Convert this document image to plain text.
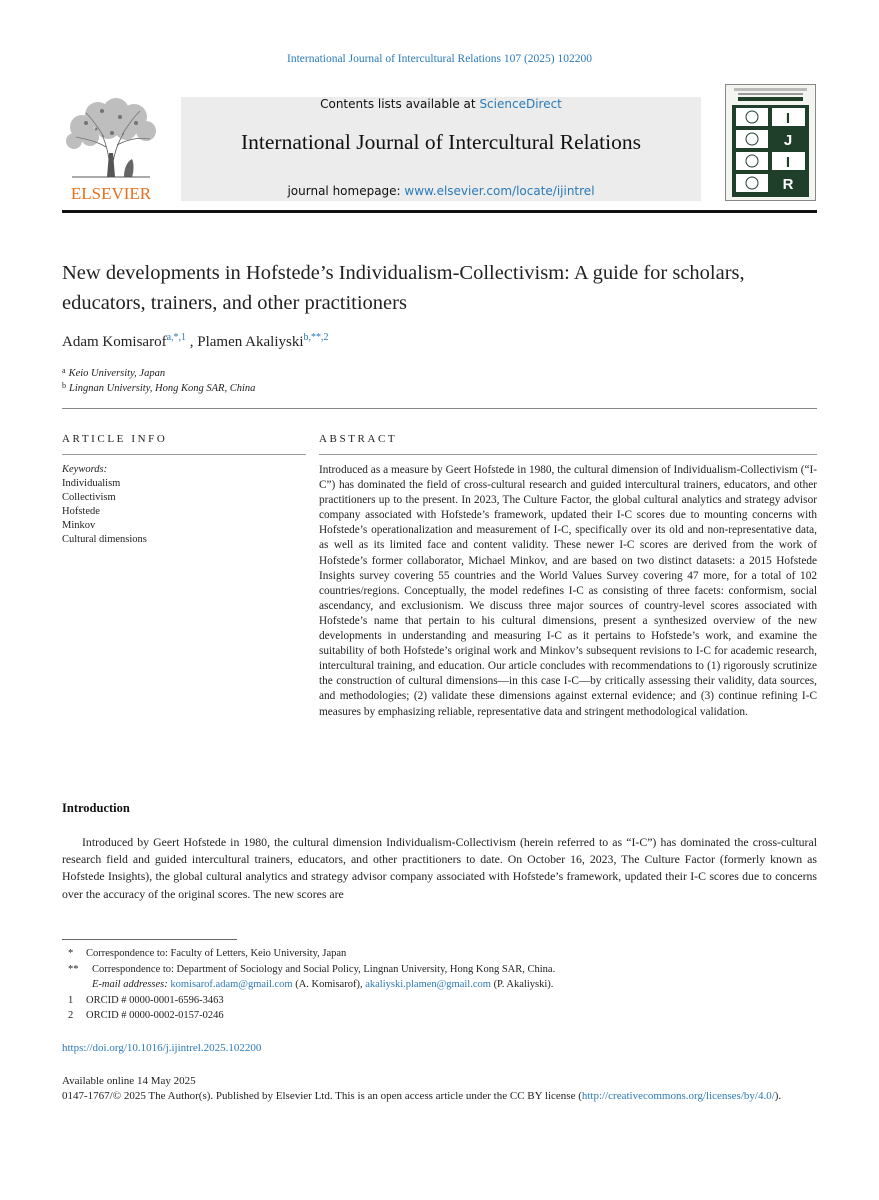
International Journal of Intercultural Relations 107 (2025) 102200
ELSEVIER
Contents lists available at ScienceDirect
International Journal of Intercultural Relations
journal homepage: www.elsevier.com/locate/ijintrel
I
J
I
R
New developments in Hofstede’s Individualism-Collectivism: A guide for scholars, educators, trainers, and other practitioners
Adam Komisarof$^{a,*,1}$ , Plamen Akaliyski$^{b,**,2}$
$^a$ Keio University, Japan
$^b$ Lingnan University, Hong Kong SAR, China
ARTICLE INFO
Keywords:
Individualism
Collectivism
Hofstede
Minkov
Cultural dimensions
ABSTRACT
Introduced as a measure by Geert Hofstede in 1980, the cultural dimension of Individualism-Collectivism (“I-C”) has dominated the field of cross-cultural research and guided intercultural trainers, educators, and other practitioners up to the present. In 2023, The Culture Factor, the global cultural analytics and strategy advisor company associated with Hofstede’s framework, updated their I-C scores due to mounting concerns with Hofstede’s operationalization and measurement of I-C, specifically over its old and non-representative data, as well as its limited face and content validity. These newer I-C scores are derived from the work of Hofstede’s former collaborator, Michael Minkov, and are based on two distinct datasets: a 2015 Hofstede Insights survey covering 55 countries and the World Values Survey covering 47 more, for a total of 102 countries/regions. Conceptually, the model redefines I-C as consisting of three facets: conformism, social ascendancy, and exclusionism. We discuss three major sources of country-level scores associated with Hofstede’s name that pertain to his cultural dimensions, present a synthesized overview of the new developments in understanding and measuring I-C as it pertains to Hofstede’s work, and examine the suitability of both Hofstede’s original work and Minkov’s subsequent revisions to I-C for academic research, intercultural training, and education. Our article concludes with recommendations to (1) rigorously scrutinize the construction of cultural dimensions—in this case I-C—by critically assessing their validity, data sources, and methodologies; (2) validate these dimensions against external evidence; and (3) continue refining I-C measures by emphasizing reliable, representative data and stringent methodological validation.
Introduction
Introduced by Geert Hofstede in 1980, the cultural dimension Individualism-Collectivism (herein referred to as “I-C”) has dominated the cross-cultural research field and guided intercultural trainers, educators, and other practitioners to date. On October 16, 2023, The Culture Factor (formerly known as Hofstede Insights), the global cultural analytics and strategy advisor company associated with Hofstede’s framework, updated their I-C scores due to concerns over the accuracy of the original scores. The new scores are
* Correspondence to: Faculty of Letters, Keio University, Japan
** Correspondence to: Department of Sociology and Social Policy, Lingnan University, Hong Kong SAR, China.
E-mail addresses: komisarof.adam@gmail.com (A. Komisarof), akaliyski.plamen@gmail.com (P. Akaliyski).
1 ORCID # 0000-0001-6596-3463
2 ORCID # 0000-0002-0157-0246
https://doi.org/10.1016/j.ijintrel.2025.102200
Available online 14 May 2025
0147-1767/© 2025 The Author(s). Published by Elsevier Ltd. This is an open access article under the CC BY license (http://creativecommons.org/licenses/by/4.0/).
